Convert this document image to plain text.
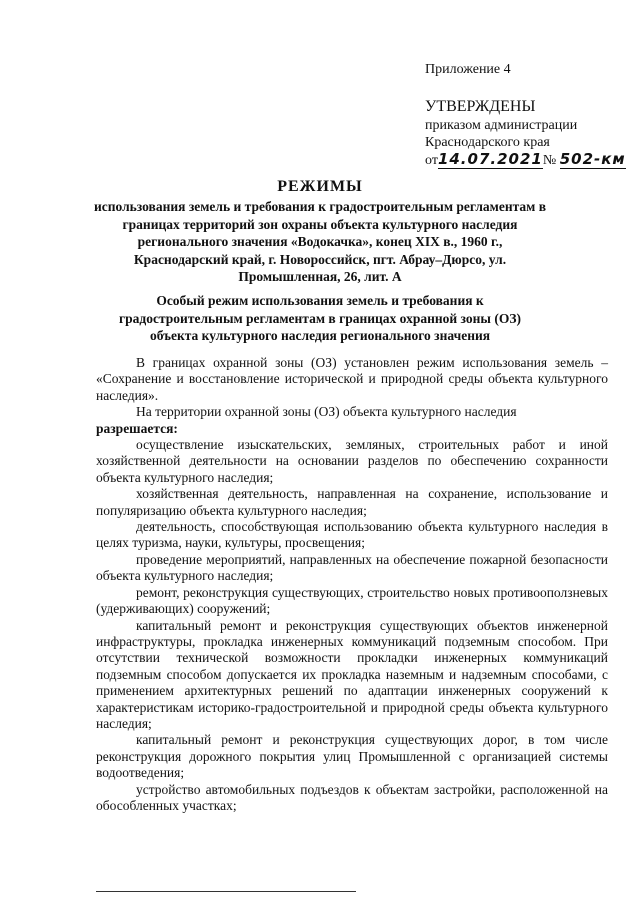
Приложение 4
УТВЕРЖДЕНЫ
приказом администрации
Краснодарского края
от14.07.2021№ 502-км
РЕЖИМЫ

использования земель и требования к градостроительным регламентам в границах территорий зон охраны объекта культурного наследия регионального значения «Водокачка», конец XIX в., 1960 г., Краснодарский край, г. Новороссийск, пгт. Абрау–Дюрсо, ул. Промышленная, 26, лит. А

Особый режим использования земель и требования к градостроительным регламентам в границах охранной зоны (ОЗ) объекта культурного наследия регионального значения

В границах охранной зоны (ОЗ) установлен режим использования земель – «Сохранение и восстановление исторической и природной среды объекта культурного наследия».

На территории охранной зоны (ОЗ) объекта культурного наследия

разрешается:

осуществление изыскательских, земляных, строительных работ и иной хозяйственной деятельности на основании разделов по обеспечению сохранности объекта культурного наследия;

хозяйственная деятельность, направленная на сохранение, использование и популяризацию объекта культурного наследия;

деятельность, способствующая использованию объекта культурного наследия в целях туризма, науки, культуры, просвещения;

проведение мероприятий, направленных на обеспечение пожарной безопасности объекта культурного наследия;

ремонт, реконструкция существующих, строительство новых противооползневых (удерживающих) сооружений;

капитальный ремонт и реконструкция существующих объектов инженерной инфраструктуры, прокладка инженерных коммуникаций подземным способом. При отсутствии технической возможности прокладки инженерных коммуникаций подземным способом допускается их прокладка наземным и надземным способами, с применением архитектурных решений по адаптации инженерных сооружений к характеристикам историко-градостроительной и природной среды объекта культурного наследия;

капитальный ремонт и реконструкция существующих дорог, в том числе реконструкция дорожного покрытия улиц Промышленной с организацией системы водоотведения;

устройство автомобильных подъездов к объектам застройки, расположенной на обособленных участках;
